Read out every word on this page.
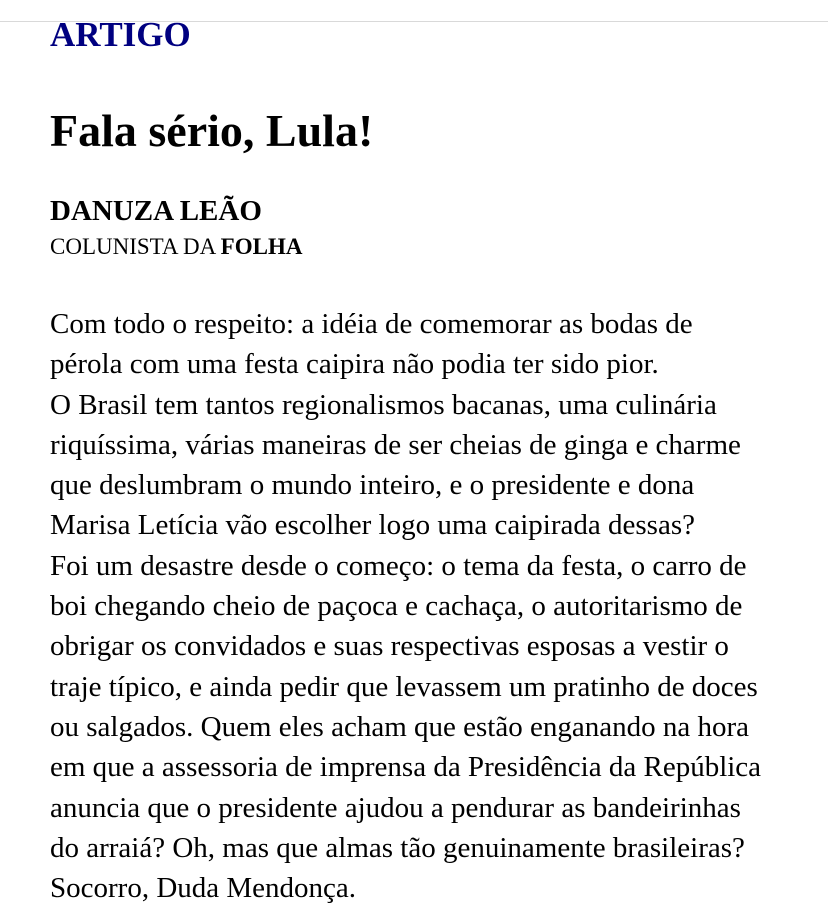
ARTIGO
Fala sério, Lula!
DANUZA LEÃO
COLUNISTA DA FOLHA
Com todo o respeito: a idéia de comemorar as bodas de
pérola com uma festa caipira não podia ter sido pior.
O Brasil tem tantos regionalismos bacanas, uma culinária
riquíssima, várias maneiras de ser cheias de ginga e charme
que deslumbram o mundo inteiro, e o presidente e dona
Marisa Letícia vão escolher logo uma caipirada dessas?
Foi um desastre desde o começo: o tema da festa, o carro de
boi chegando cheio de paçoca e cachaça, o autoritarismo de
obrigar os convidados e suas respectivas esposas a vestir o
traje típico, e ainda pedir que levassem um pratinho de doces
ou salgados. Quem eles acham que estão enganando na hora
em que a assessoria de imprensa da Presidência da República
anuncia que o presidente ajudou a pendurar as bandeirinhas
do arraiá? Oh, mas que almas tão genuinamente brasileiras?
Socorro, Duda Mendonça.
